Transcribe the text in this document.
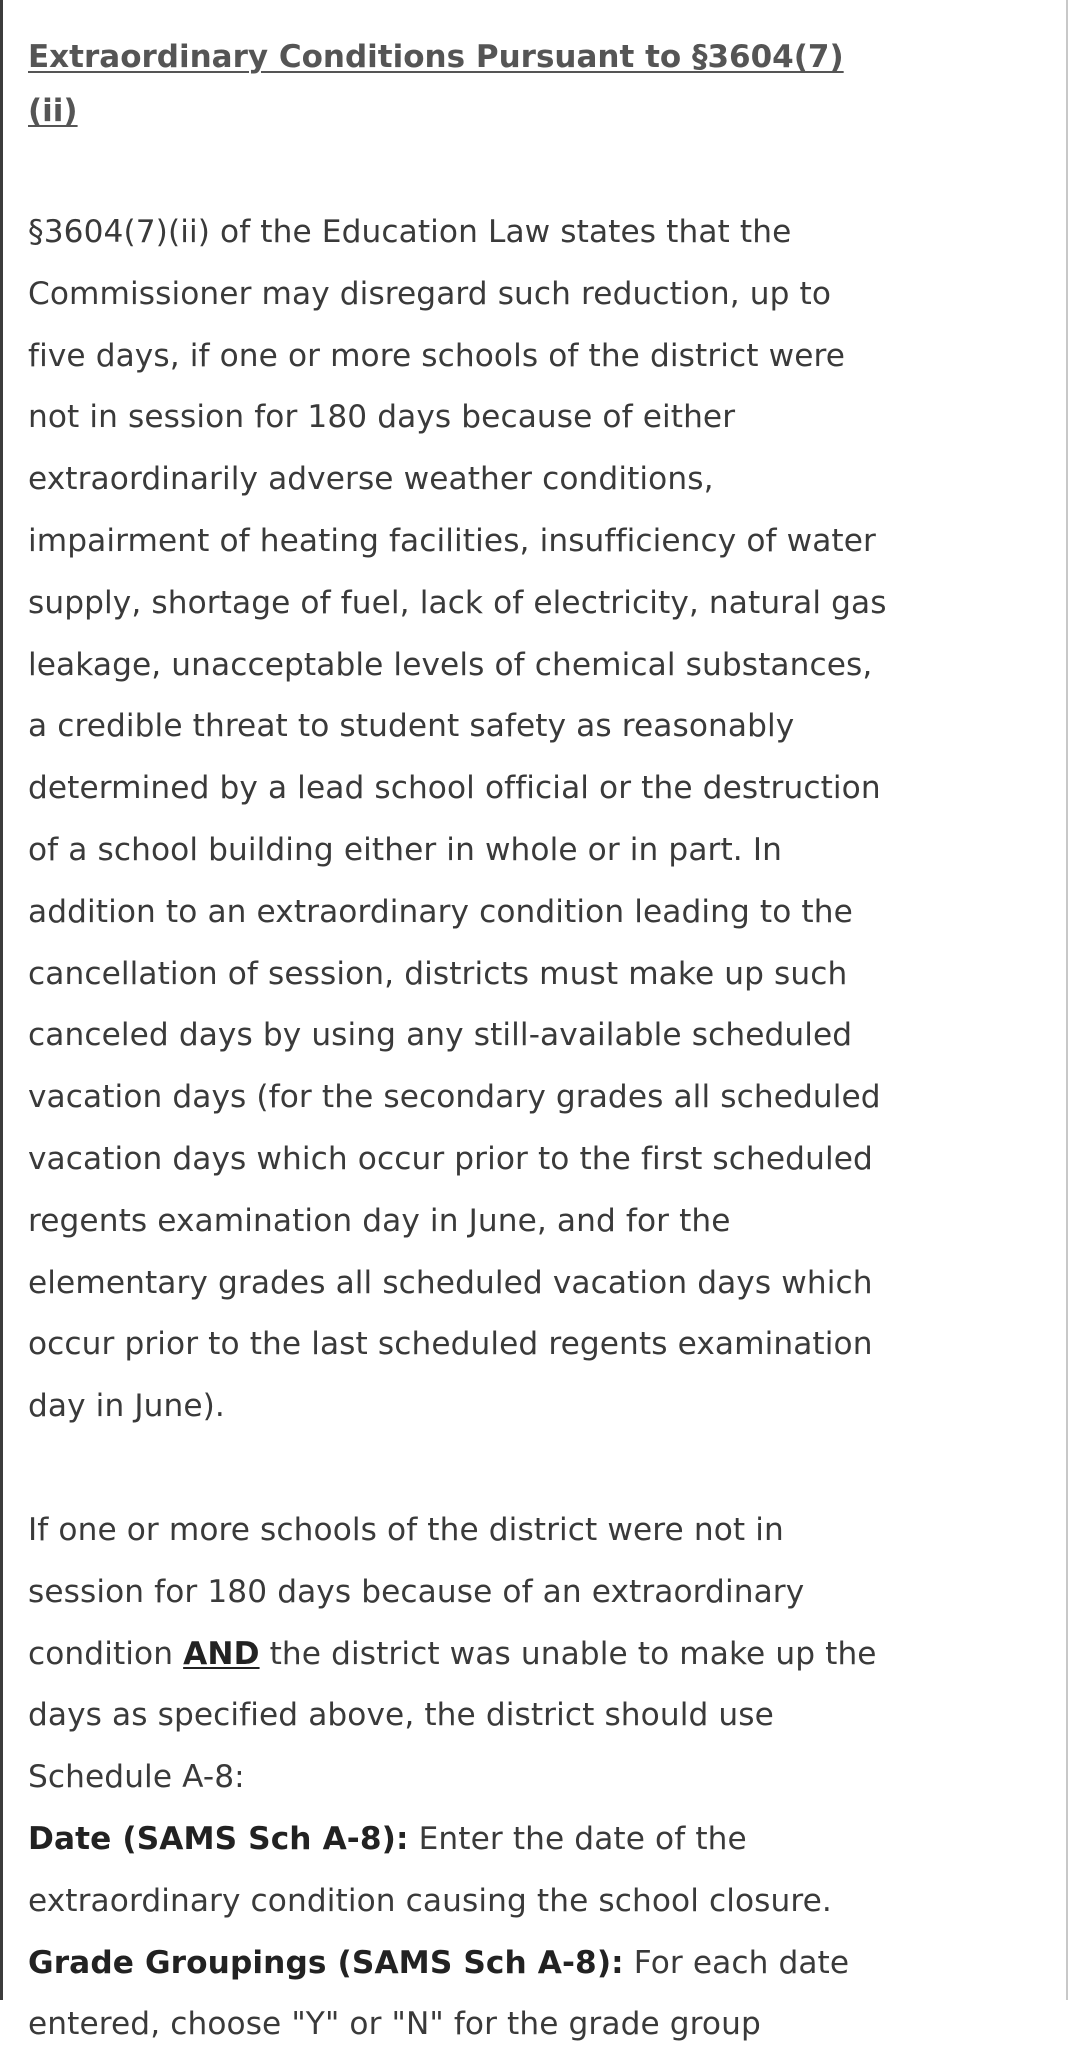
Extraordinary Conditions Pursuant to §3604(7)
(ii)

§3604(7)(ii) of the Education Law states that the
Commissioner may disregard such reduction, up to
five days, if one or more schools of the district were
not in session for 180 days because of either
extraordinarily adverse weather conditions,
impairment of heating facilities, insufficiency of water
supply, shortage of fuel, lack of electricity, natural gas
leakage, unacceptable levels of chemical substances,
a credible threat to student safety as reasonably
determined by a lead school official or the destruction
of a school building either in whole or in part. In
addition to an extraordinary condition leading to the
cancellation of session, districts must make up such
canceled days by using any still-available scheduled
vacation days (for the secondary grades all scheduled
vacation days which occur prior to the first scheduled
regents examination day in June, and for the
elementary grades all scheduled vacation days which
occur prior to the last scheduled regents examination
day in June).

If one or more schools of the district were not in
session for 180 days because of an extraordinary
condition AND the district was unable to make up the
days as specified above, the district should use
Schedule A-8:
Date (SAMS Sch A-8): Enter the date of the
extraordinary condition causing the school closure.
Grade Groupings (SAMS Sch A-8): For each date
entered, choose "Y" or "N" for the grade group
